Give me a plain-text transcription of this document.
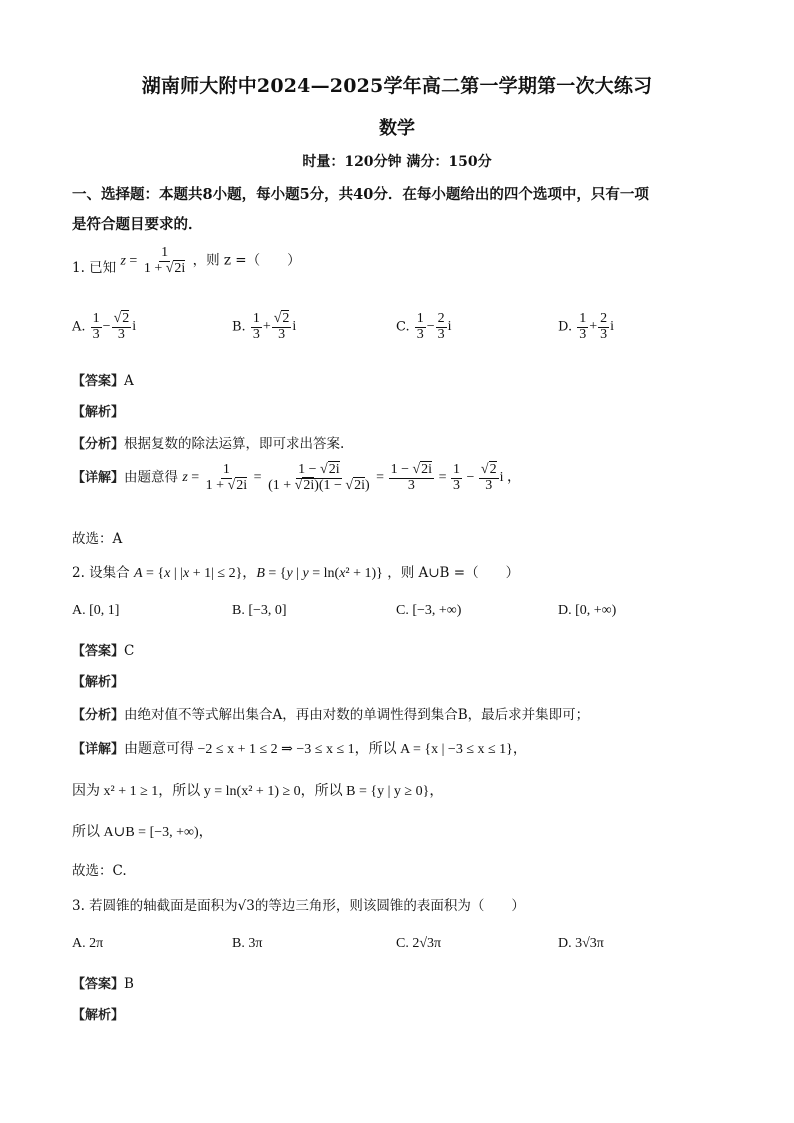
湖南师大附中2024—2025学年高二第一学期第一次大练习
数学
时量：120分钟 满分：150分
一、选择题：本题共8小题，每小题5分，共40分．在每小题给出的四个选项中，只有一项
是符合题目要求的．
1. 已知 $z = \frac{1}{1 + √2i}$ ，则 z =（　　）
A. $\frac{1}{3} - \frac{√2}{3}$ i	B. $\frac{1}{3} + \frac{√2}{3}$ i	C. $\frac{1}{3} - \frac{2}{3}$ i	D. $\frac{1}{3} + \frac{2}{3}$ i
【答案】A
【解析】
【分析】根据复数的除法运算，即可求出答案.
【详解】由题意得 $z = \frac{1}{1 + √2i} = \frac{1 - √2i}{(1 + √2i)(1 - √2i)} = \frac{1 - √2i}{3} = \frac{1}{3} - \frac{√2}{3}$ i ，
故选：A
2. 设集合 A = {x | |x + 1| ≤ 2}，B = {y | y = ln(x² + 1)} ，则 A∪B =（　　）
A. [0, 1]	B. [−3, 0]	C. [−3, +∞)	D. [0, +∞)
【答案】C
【解析】
【分析】由绝对值不等式解出集合A，再由对数的单调性得到集合B，最后求并集即可；
【详解】由题意可得 −2 ≤ x + 1 ≤ 2 ⇒ −3 ≤ x ≤ 1，所以 A = {x | −3 ≤ x ≤ 1}，
因为 x² + 1 ≥ 1，所以 y = ln(x² + 1) ≥ 0，所以 B = {y | y ≥ 0}，
所以 A∪B = [−3, +∞)，
故选：C.
3. 若圆锥的轴截面是面积为√3的等边三角形，则该圆锥的表面积为（　　）
A. 2π	B. 3π	C. 2√3π	D. 3√3π
【答案】B
【解析】
